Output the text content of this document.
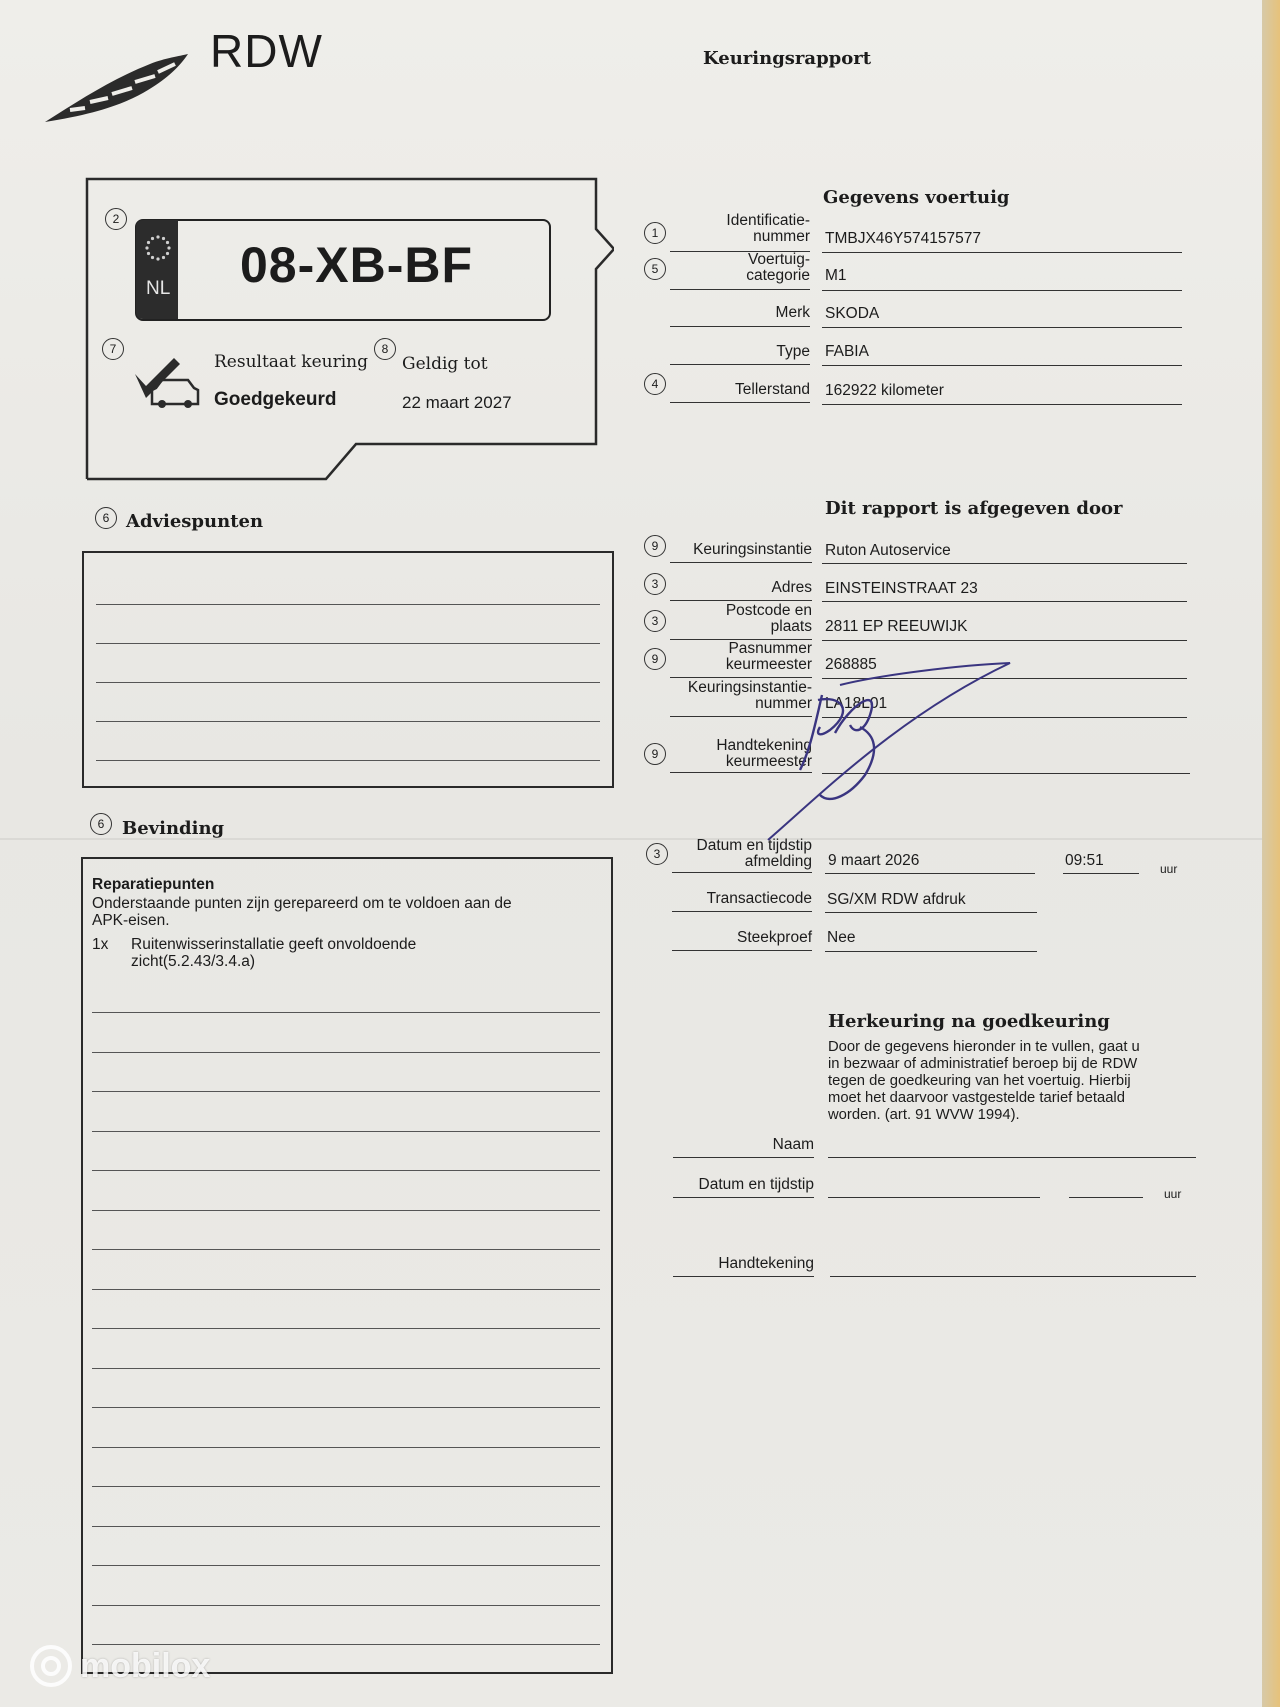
RDW	Keuringsrapport
2
NL 08-XB-BF
7
Resultaat keuring
Goedgekeurd
8
Geldig tot
22 maart 2027
Gegevens voertuig
1
Identificatie-
nummer TMBJX46Y574157577
5
Voertuig-
categorie M1
Merk SKODA
Type FABIA
4	Tellerstand 162922 kilometer
Dit rapport is afgegeven door
9	Keuringsinstantie Ruton Autoservice
3	Adres EINSTEINSTRAAT 23
3
Postcode en
plaats 2811 EP REEUWIJK
9
Pasnummer
keurmeester 268885
Keuringsinstantie-
nummer LA18L01
9	Handtekening
keurmeester
3	Datum en tijdstip
afmelding 9 maart 2026	09:51	uur
Transactiecode SG/XM RDW afdruk
Steekproef Nee
Herkeuring na goedkeuring
Door de gegevens hieronder in te vullen, gaat u
in bezwaar of administratief beroep bij de RDW
tegen de goedkeuring van het voertuig. Hierbij
moet het daarvoor vastgestelde tarief betaald
worden. (art. 91 WVW 1994).
Naam
Datum en tijdstip
uur
Handtekening
6 Adviespunten
6 Bevinding
Reparatiepunten
Onderstaande punten zijn gerepareerd om te voldoen aan de
APK-eisen.
1x Ruitenwisserinstallatie geeft onvoldoende
zicht(5.2.43/3.4.a)
mobilox
